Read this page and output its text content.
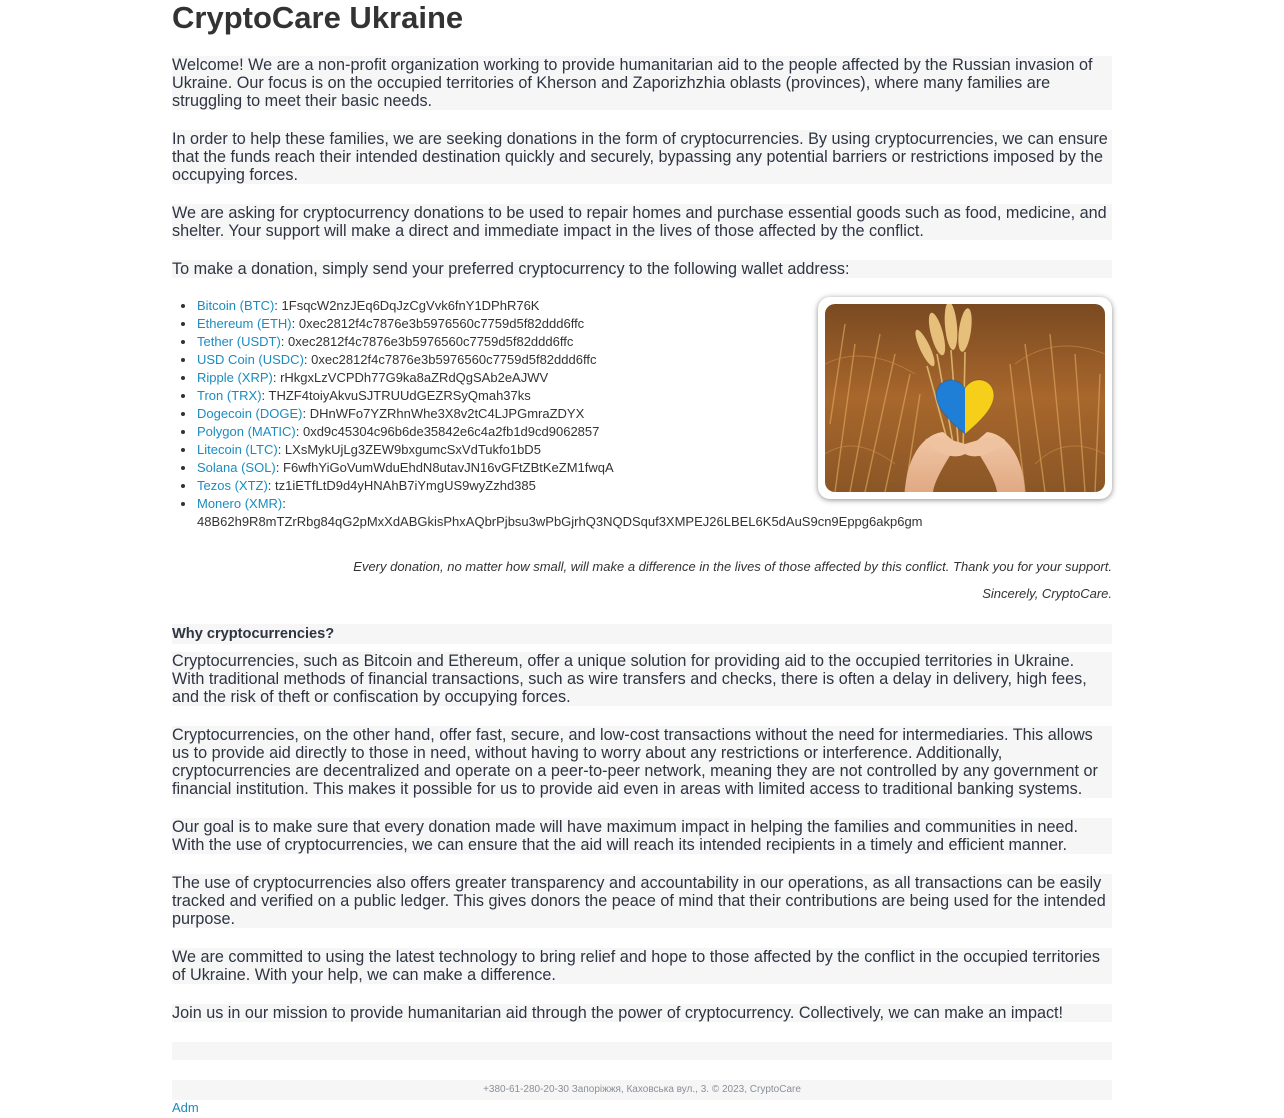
CryptoCare Ukraine
Welcome! We are a non-profit organization working to provide humanitarian aid to the people affected by the Russian invasion of
Ukraine. Our focus is on the occupied territories of Kherson and Zaporizhzhia oblasts (provinces), where many families are
struggling to meet their basic needs.
In order to help these families, we are seeking donations in the form of cryptocurrencies. By using cryptocurrencies, we can ensure
that the funds reach their intended destination quickly and securely, bypassing any potential barriers or restrictions imposed by the
occupying forces.
We are asking for cryptocurrency donations to be used to repair homes and purchase essential goods such as food, medicine, and
shelter. Your support will make a direct and immediate impact in the lives of those affected by the conflict.
To make a donation, simply send your preferred cryptocurrency to the following wallet address:
Bitcoin (BTC): 1FsqcW2nzJEq6DqJzCgVvk6fnY1DPhR76K
Ethereum (ETH): 0xec2812f4c7876e3b5976560c7759d5f82ddd6ffc
Tether (USDT): 0xec2812f4c7876e3b5976560c7759d5f82ddd6ffc
USD Coin (USDC): 0xec2812f4c7876e3b5976560c7759d5f82ddd6ffc
Ripple (XRP): rHkgxLzVCPDh77G9ka8aZRdQgSAb2eAJWV
Tron (TRX): THZF4toiyAkvuSJTRUUdGEZRSyQmah37ks
Dogecoin (DOGE): DHnWFo7YZRhnWhe3X8v2tC4LJPGmraZDYX
Polygon (MATIC): 0xd9c45304c96b6de35842e6c4a2fb1d9cd9062857
Litecoin (LTC): LXsMykUjLg3ZEW9bxgumcSxVdTukfo1bD5
Solana (SOL): F6wfhYiGoVumWduEhdN8utavJN16vGFtZBtKeZM1fwqA
Tezos (XTZ): tz1iETfLtD9d4yHNAhB7iYmgUS9wyZzhd385
Monero (XMR):
48B62h9R8mTZrRbg84qG2pMxXdABGkisPhxAQbrPjbsu3wPbGjrhQ3NQDSquf3XMPEJ26LBEL6K5dAuS9cn9Eppg6akp6gm
Every donation, no matter how small, will make a difference in the lives of those affected by this conflict. Thank you for your support.
Sincerely, CryptoCare.
Why cryptocurrencies?
Cryptocurrencies, such as Bitcoin and Ethereum, offer a unique solution for providing aid to the occupied territories in Ukraine.
With traditional methods of financial transactions, such as wire transfers and checks, there is often a delay in delivery, high fees,
and the risk of theft or confiscation by occupying forces.
Cryptocurrencies, on the other hand, offer fast, secure, and low-cost transactions without the need for intermediaries. This allows
us to provide aid directly to those in need, without having to worry about any restrictions or interference. Additionally,
cryptocurrencies are decentralized and operate on a peer-to-peer network, meaning they are not controlled by any government or
financial institution. This makes it possible for us to provide aid even in areas with limited access to traditional banking systems.
Our goal is to make sure that every donation made will have maximum impact in helping the families and communities in need.
With the use of cryptocurrencies, we can ensure that the aid will reach its intended recipients in a timely and efficient manner.
The use of cryptocurrencies also offers greater transparency and accountability in our operations, as all transactions can be easily
tracked and verified on a public ledger. This gives donors the peace of mind that their contributions are being used for the intended
purpose.
We are committed to using the latest technology to bring relief and hope to those affected by the conflict in the occupied territories
of Ukraine. With your help, we can make a difference.
Join us in our mission to provide humanitarian aid through the power of cryptocurrency. Collectively, we can make an impact!
+380-61-280-20-30 Запоріжжя, Каховська вул., 3. © 2023, CryptoCare
Adm
